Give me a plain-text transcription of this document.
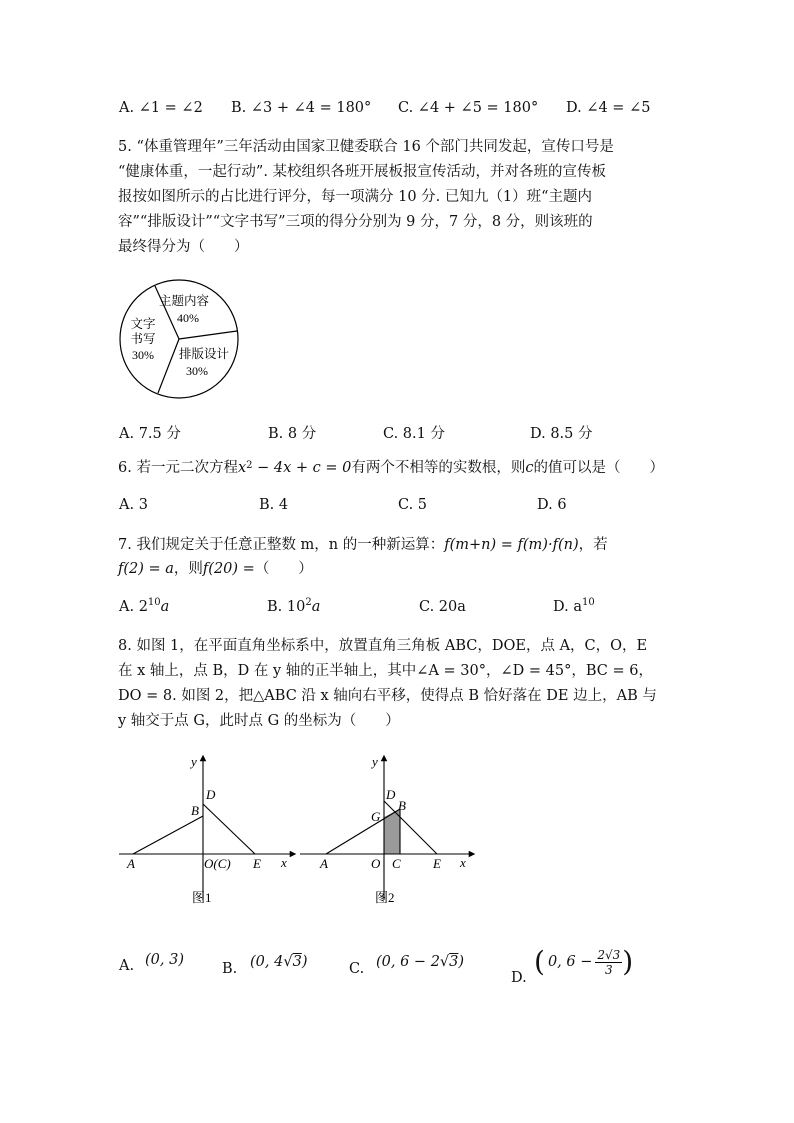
A. ∠1 = ∠2 B. ∠3 + ∠4 = 180° C. ∠4 + ∠5 = 180° D. ∠4 = ∠5
5. “体重管理年”三年活动由国家卫健委联合 16 个部门共同发起，宣传口号是
“健康体重，一起行动”. 某校组织各班开展板报宣传活动，并对各班的宣传板
报按如图所示的占比进行评分，每一项满分 10 分. 已知九（1）班“主题内
容”“排版设计”“文字书写”三项的得分分别为 9 分，7 分，8 分，则该班的
最终得分为（　　）
主题内容
40%
文字
书写
30% 排版设计
30%
A. 7.5 分	B. 8 分	C. 8.1 分	D. 8.5 分
6. 若一元二次方程$x^2 - 4x + c = 0$有两个不相等的实数根，则c的值可以是（　　）
A. 3	B. 4	C. 5	D. 6
7. 我们规定关于任意正整数 m，n 的一种新运算：f(m+n) = f(m)·f(n)，若
f(2) = a，则f(20) =（　　）
A. $2^{10}a$	B. $10^2a$	C. 20a	D. $a^{10}$
8. 如图 1，在平面直角坐标系中，放置直角三角板 ABC，DOE，点 A，C，O，E
在 x 轴上，点 B，D 在 y 轴的正半轴上，其中∠A = 30°，∠D = 45°，BC = 6，
DO = 8. 如图 2，把△ABC 沿 x 轴向右平移，使得点 B 恰好落在 DE 边上，AB 与
y 轴交于点 G，此时点 G 的坐标为（　　）
y
x
D
B
A	O(C) E
图1
y
x
D
B
G
A	O C E
图2
A. (0, 3)
B. (0, 4√3)	C. (0, 6 − 2√3)
D. ( 0, $6 - \frac{2√3}{3}$ )
